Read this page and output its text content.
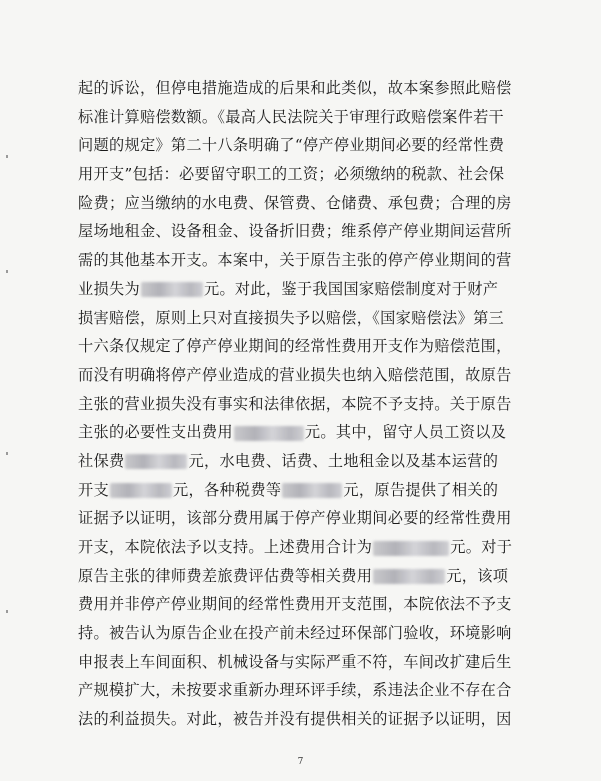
起的诉讼，但停电措施造成的后果和此类似，故本案参照此赔偿
标准计算赔偿数额。《最高人民法院关于审理行政赔偿案件若干
问题的规定》第二十八条明确了“停产停业期间必要的经常性费
用开支”包括：必要留守职工的工资；必须缴纳的税款、社会保
险费；应当缴纳的水电费、保管费、仓储费、承包费；合理的房
屋场地租金、设备租金、设备折旧费；维系停产停业期间运营所
需的其他基本开支。本案中，关于原告主张的停产停业期间的营
业损失为	元。对此，鉴于我国国家赔偿制度对于财产
损害赔偿，原则上只对直接损失予以赔偿，《国家赔偿法》第三
十六条仅规定了停产停业期间的经常性费用开支作为赔偿范围，
而没有明确将停产停业造成的营业损失也纳入赔偿范围，故原告
主张的营业损失没有事实和法律依据，本院不予支持。关于原告
主张的必要性支出费用	元。其中，留守人员工资以及
社保费	元，水电费、话费、土地租金以及基本运营的
开支	元，各种税费等	元，原告提供了相关的
证据予以证明，该部分费用属于停产停业期间必要的经常性费用
开支，本院依法予以支持。上述费用合计为	元。对于
原告主张的律师费差旅费评估费等相关费用	元，该项
费用并非停产停业期间的经常性费用开支范围，本院依法不予支
持。被告认为原告企业在投产前未经过环保部门验收，环境影响
申报表上车间面积、机械设备与实际严重不符，车间改扩建后生
产规模扩大，未按要求重新办理环评手续，系违法企业不存在合
法的利益损失。对此，被告并没有提供相关的证据予以证明，因
7
